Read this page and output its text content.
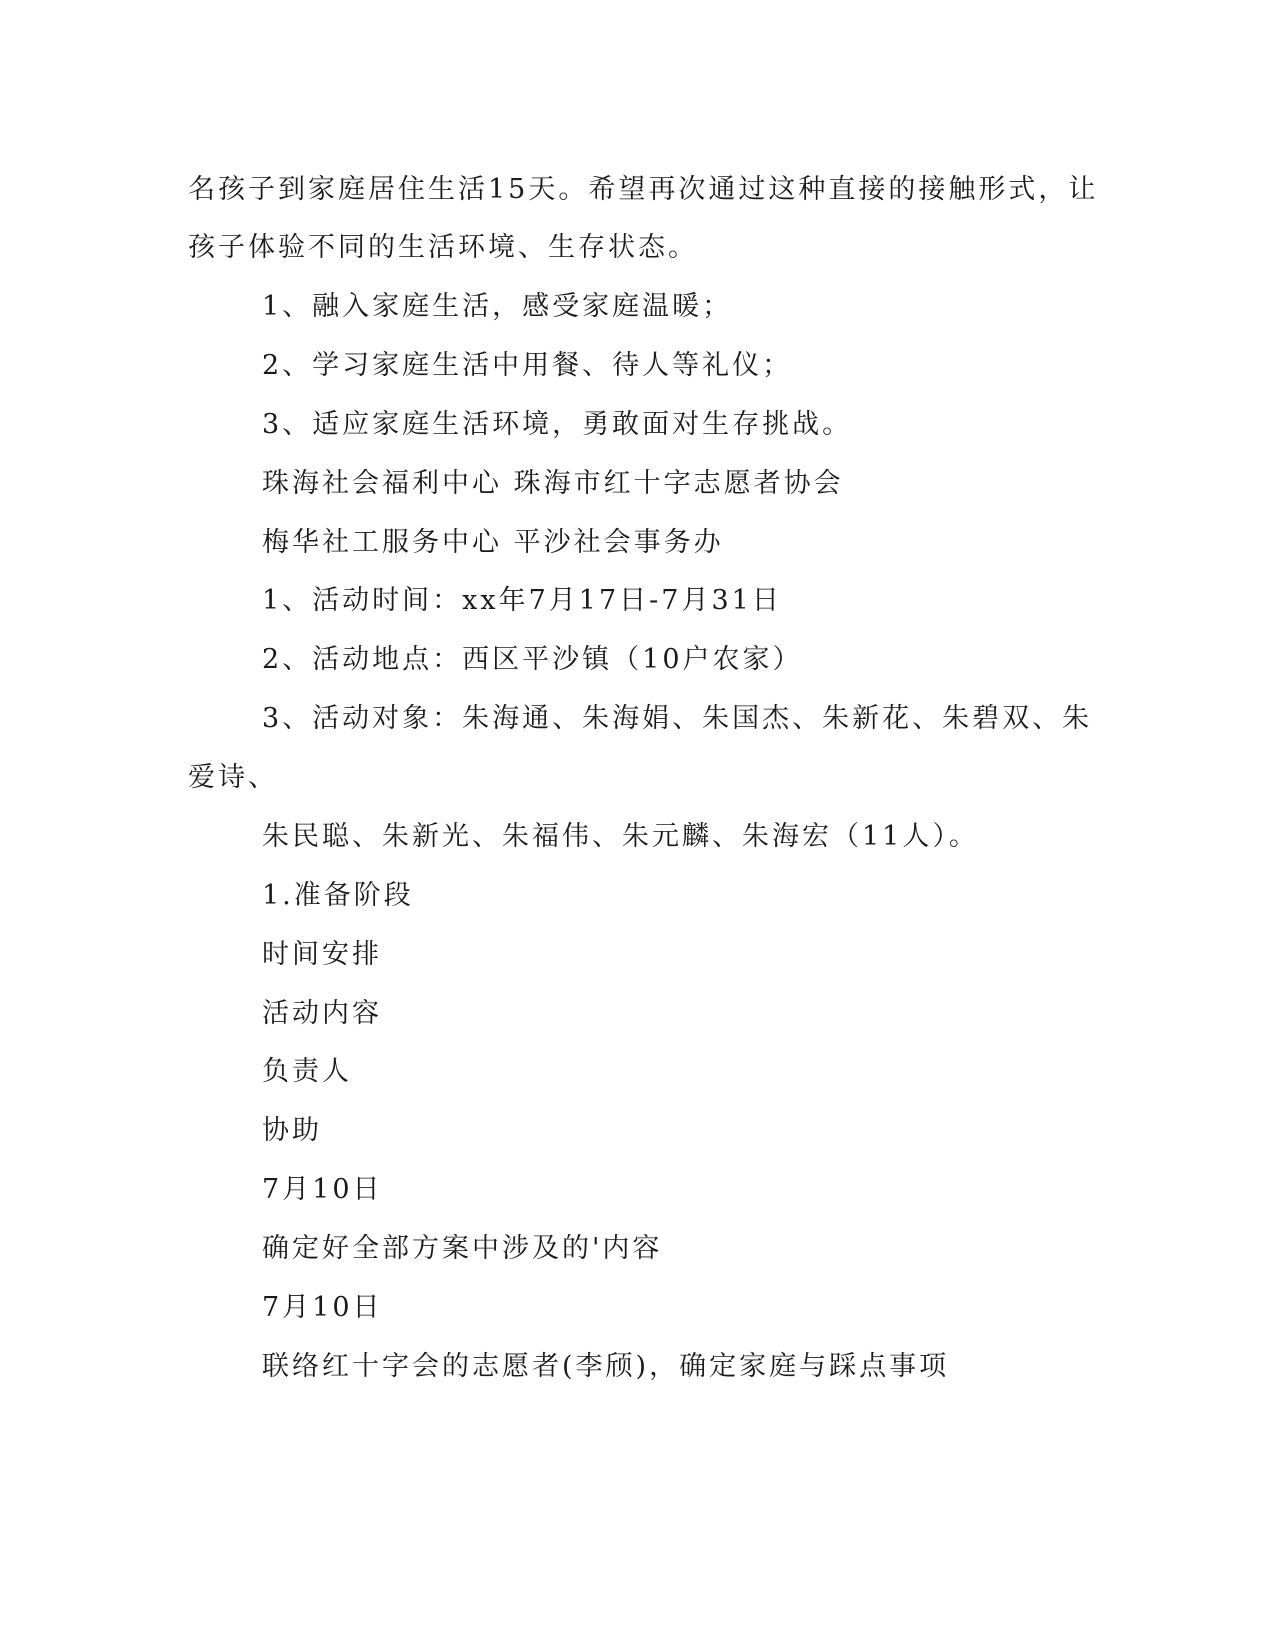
名孩子到家庭居住生活15天。希望再次通过这种直接的接触形式，让
孩子体验不同的生活环境、生存状态。
1、融入家庭生活，感受家庭温暖；
2、学习家庭生活中用餐、待人等礼仪；
3、适应家庭生活环境，勇敢面对生存挑战。
珠海社会福利中心 珠海市红十字志愿者协会
梅华社工服务中心 平沙社会事务办
1、活动时间：xx年7月17日-7月31日
2、活动地点：西区平沙镇（10户农家）
3、活动对象：朱海通、朱海娟、朱国杰、朱新花、朱碧双、朱
爱诗、
朱民聪、朱新光、朱福伟、朱元麟、朱海宏（11人）。
1.准备阶段
时间安排
活动内容
负责人
协助
7月10日
确定好全部方案中涉及的'内容
7月10日
联络红十字会的志愿者(李颀)，确定家庭与踩点事项
